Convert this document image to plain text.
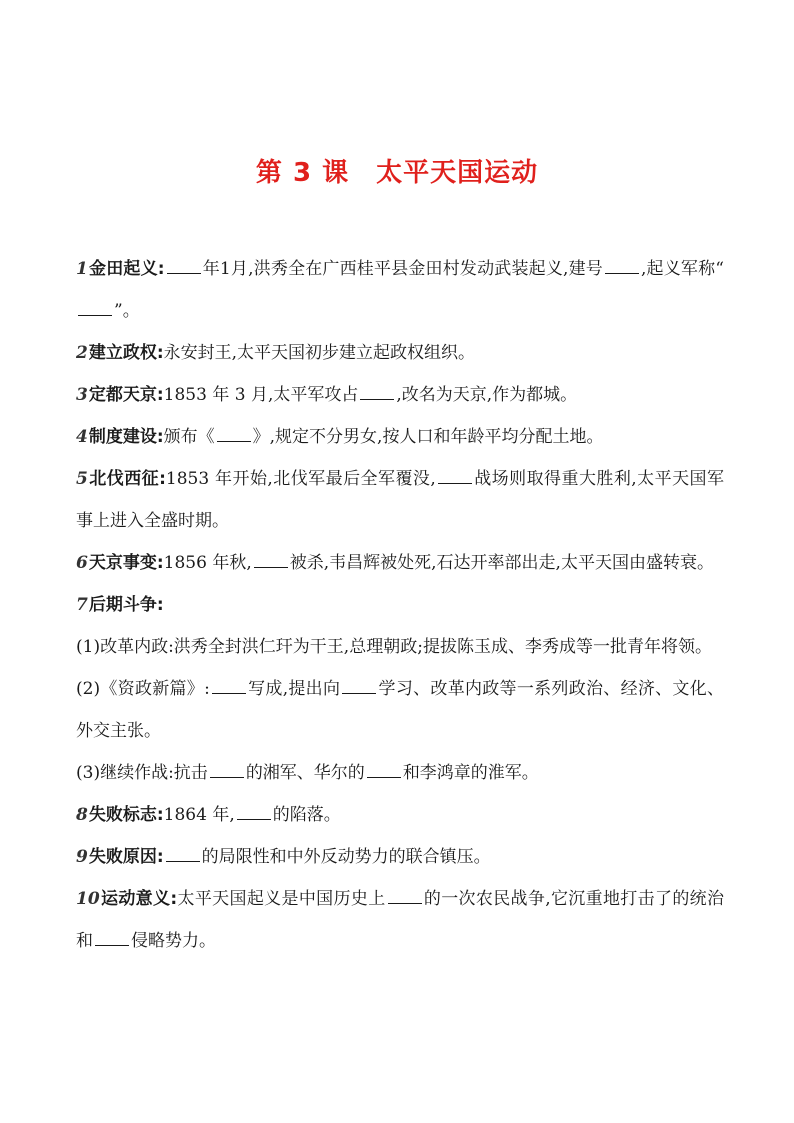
第 3 课　太平天国运动

1金田起义: 年1月,洪秀全在广西桂平县金田村发动武装起义,建号 ,起义军称“”。

2建立政权:永安封王,太平天国初步建立起政权组织。

3定都天京:1853 年 3 月,太平军攻占 ,改名为天京,作为都城。

4制度建设:颁布《 》,规定不分男女,按人口和年龄平均分配土地。

5北伐西征:1853 年开始,北伐军最后全军覆没, 战场则取得重大胜利,太平天国军事上进入全盛时期。

6天京事变:1856 年秋, 被杀,韦昌辉被处死,石达开率部出走,太平天国由盛转衰。

7后期斗争:

(1)改革内政:洪秀全封洪仁玕为干王,总理朝政;提拔陈玉成、李秀成等一批青年将领。

(2)《资政新篇》: 写成,提出向 学习、改革内政等一系列政治、经济、文化、外交主张。

(3)继续作战:抗击 的湘军、华尔的 和李鸿章的淮军。

8失败标志:1864 年, 的陷落。

9失败原因: 的局限性和中外反动势力的联合镇压。

10运动意义:太平天国起义是中国历史上 的一次农民战争,它沉重地打击了的统治和 侵略势力。
